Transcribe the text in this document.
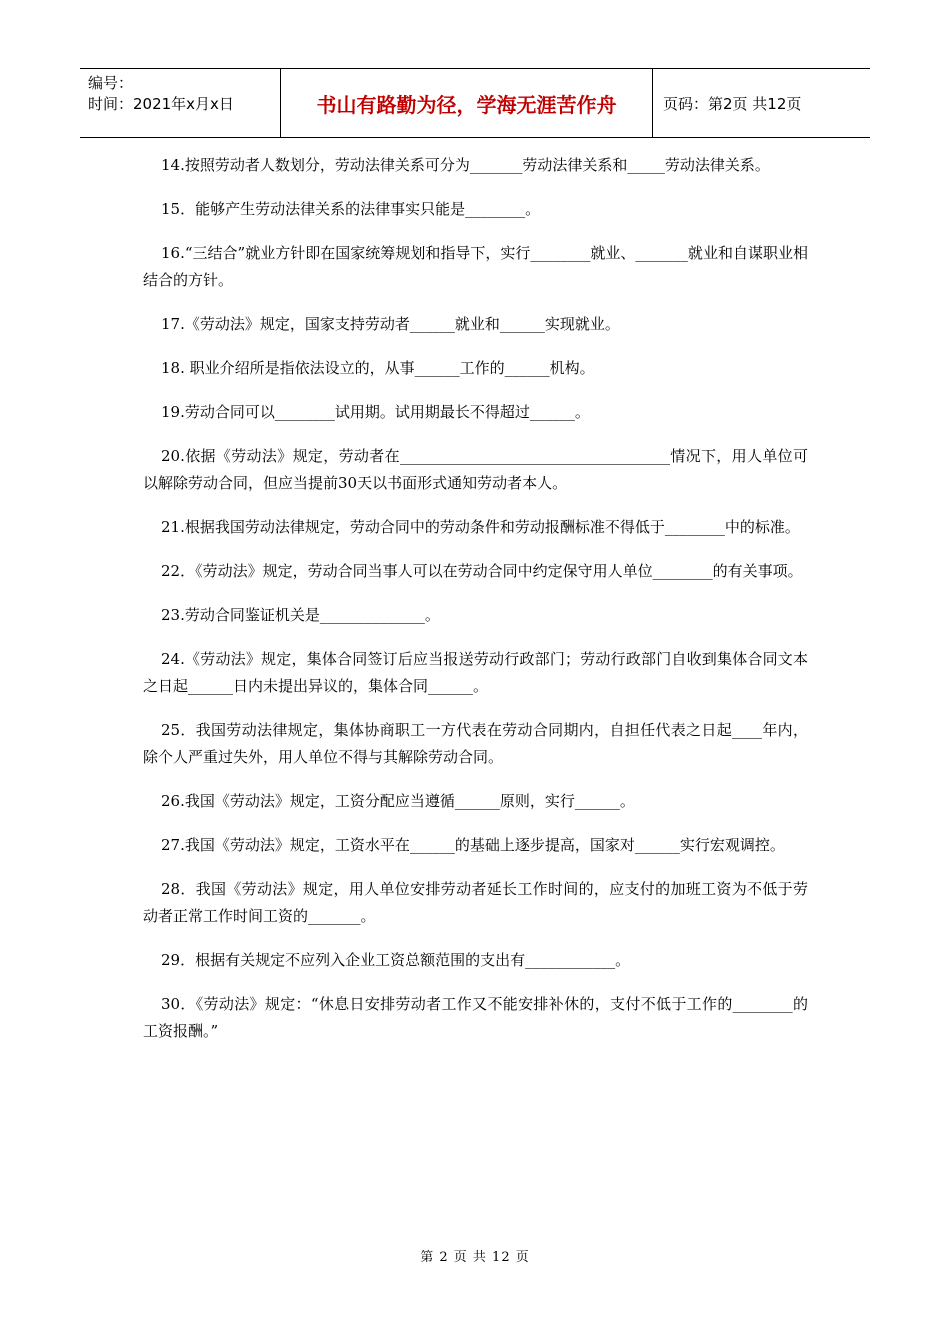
编号：
时间：2021年x月x日	书山有路勤为径，学海无涯苦作舟	页码：第2页 共12页

14.按照劳动者人数划分，劳动法律关系可分为_______劳动法律关系和_____劳动法律关系。

15．能够产生劳动法律关系的法律事实只能是________。

16.“三结合”就业方针即在国家统筹规划和指导下，实行________就业、_______就业和自谋职业相结合的方针。

17.《劳动法》规定，国家支持劳动者______就业和______实现就业。

18. 职业介绍所是指依法设立的，从事______工作的______机构。

19.劳动合同可以________试用期。试用期最长不得超过______。

20.依据《劳动法》规定，劳动者在____________________________________情况下，用人单位可以解除劳动合同，但应当提前30天以书面形式通知劳动者本人。

21.根据我国劳动法律规定，劳动合同中的劳动条件和劳动报酬标准不得低于________中的标准。

22．《劳动法》规定，劳动合同当事人可以在劳动合同中约定保守用人单位________的有关事项。

23.劳动合同鉴证机关是______________。

24.《劳动法》规定，集体合同签订后应当报送劳动行政部门；劳动行政部门自收到集体合同文本之日起______日内未提出异议的，集体合同______。

25．我国劳动法律规定，集体协商职工一方代表在劳动合同期内，自担任代表之日起____年内，除个人严重过失外，用人单位不得与其解除劳动合同。

26.我国《劳动法》规定，工资分配应当遵循______原则，实行______。

27.我国《劳动法》规定，工资水平在______的基础上逐步提高，国家对______实行宏观调控。

28．我国《劳动法》规定，用人单位安排劳动者延长工作时间的，应支付的加班工资为不低于劳动者正常工作时间工资的_______。

29．根据有关规定不应列入企业工资总额范围的支出有____________。

30．《劳动法》规定：“休息日安排劳动者工作又不能安排补休的，支付不低于工作的________的工资报酬。”

第 2 页 共 12 页
